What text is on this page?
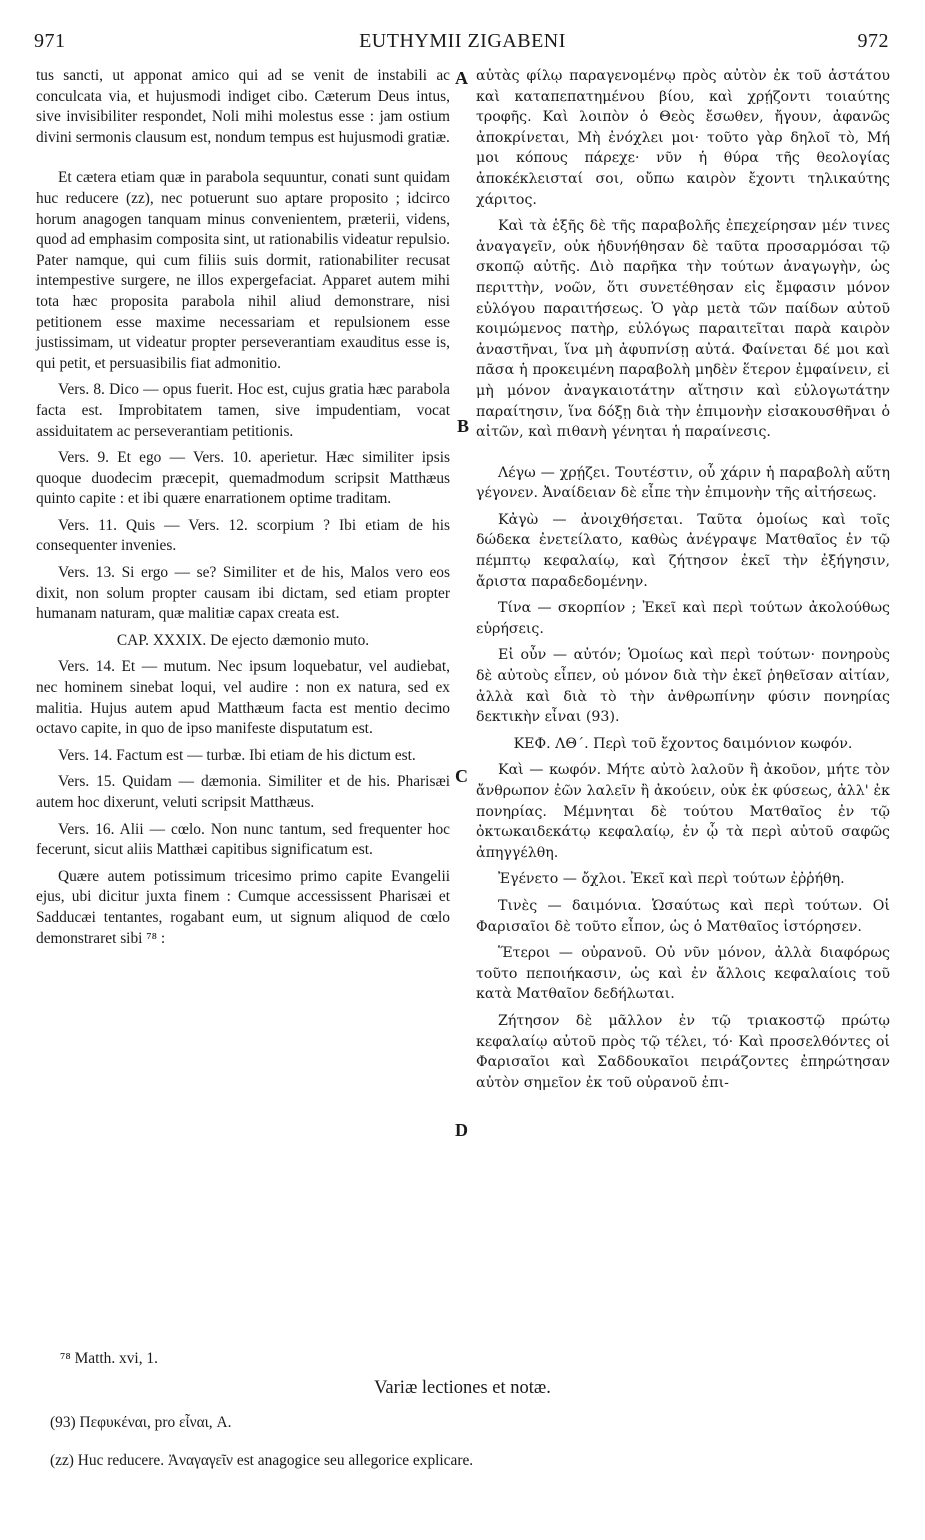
971	EUTHYMII ZIGABENI	972

tus sancti, ut apponat amico qui ad se venit de instabili ac conculcata via, et hujusmodi indiget cibo. Cæterum Deus intus, sive invisibiliter respondet, Noli mihi molestus esse : jam ostium divini sermonis clausum est, nondum tempus est hujusmodi gratiæ.

Et cætera etiam quæ in parabola sequuntur, conati sunt quidam huc reducere (zz), nec potuerunt suo aptare proposito ; idcirco horum anagogen tanquam minus convenientem, præterii, videns, quod ad emphasim composita sint, ut rationabilis videatur repulsio. Pater namque, qui cum filiis suis dormit, rationabiliter recusat intempestive surgere, ne illos expergefaciat. Apparet autem mihi tota hæc proposita parabola nihil aliud demonstrare, nisi petitionem esse maxime necessariam et repulsionem esse justissimam, ut videatur propter perseverantiam exauditus esse is, qui petit, et persuasibilis fiat admonitio.

Vers. 8. Dico — opus fuerit. Hoc est, cujus gratia hæc parabola facta est. Improbitatem tamen, sive impudentiam, vocat assiduitatem ac perseverantiam petitionis.

Vers. 9. Et ego — Vers. 10. aperietur. Hæc similiter ipsis quoque duodecim præcepit, quemadmodum scripsit Matthæus quinto capite : et ibi quære enarrationem optime traditam.

Vers. 11. Quis — Vers. 12. scorpium ? Ibi etiam de his consequenter invenies.

Vers. 13. Si ergo — se? Similiter et de his, Malos vero eos dixit, non solum propter causam ibi dictam, sed etiam propter humanam naturam, quæ malitiæ capax creata est.

CAP. XXXIX. De ejecto dæmonio muto.

Vers. 14. Et — mutum. Nec ipsum loquebatur, vel audiebat, nec hominem sinebat loqui, vel audire : non ex natura, sed ex malitia. Hujus autem apud Matthæum facta est mentio decimo octavo capite, in quo de ipso manifeste disputatum est.

Vers. 14. Factum est — turbæ. Ibi etiam de his dictum est.

Vers. 15. Quidam — dæmonia. Similiter et de his. Pharisæi autem hoc dixerunt, veluti scripsit Matthæus.

Vers. 16. Alii — cœlo. Non nunc tantum, sed frequenter hoc fecerunt, sicut aliis Matthæi capitibus significatum est.

Quære autem potissimum tricesimo primo capite Evangelii ejus, ubi dicitur juxta finem : Cumque accessissent Pharisæi et Sadducæi tentantes, rogabant eum, ut signum aliquod de cœlo demonstraret sibi ⁷⁸ :

αὐτὰς φίλῳ παραγενομένῳ πρὸς αὐτὸν ἐκ τοῦ ἀστάτου καὶ καταπεπατημένου βίου, καὶ χρῄζοντι τοιαύτης τροφῆς. Καὶ λοιπὸν ὁ Θεὸς ἔσωθεν, ἤγουν, ἀφανῶς ἀποκρίνεται, Μὴ ἐνόχλει μοι· τοῦτο γὰρ δηλοῖ τὸ, Μή μοι κόπους πάρεχε· νῦν ἡ θύρα τῆς θεολογίας ἀποκέκλεισταί σοι, οὔπω καιρὸν ἔχοντι τηλικαύτης χάριτος.

Καὶ τὰ ἑξῆς δὲ τῆς παραβολῆς ἐπεχείρησαν μέν τινες ἀναγαγεῖν, οὐκ ἠδυνήθησαν δὲ ταῦτα προσαρμόσαι τῷ σκοπῷ αὐτῆς. Διὸ παρῆκα τὴν τούτων ἀναγωγὴν, ὡς περιττὴν, νοῶν, ὅτι συνετέθησαν εἰς ἔμφασιν μόνον εὐλόγου παραιτήσεως. Ὁ γὰρ μετὰ τῶν παίδων αὐτοῦ κοιμώμενος πατὴρ, εὐλόγως παραιτεῖται παρὰ καιρὸν ἀναστῆναι, ἵνα μὴ ἀφυπνίσῃ αὐτά. Φαίνεται δέ μοι καὶ πᾶσα ἡ προκειμένη παραβολὴ μηδὲν ἕτερον ἐμφαίνειν, εἰ μὴ μόνον ἀναγκαιοτάτην αἴτησιν καὶ εὐλογωτάτην παραίτησιν, ἵνα δόξῃ διὰ τὴν ἐπιμονὴν εἰσακουσθῆναι ὁ αἰτῶν, καὶ πιθανὴ γένηται ἡ παραίνεσις.

Λέγω — χρῄζει. Τουτέστιν, οὗ χάριν ἡ παραβολὴ αὕτη γέγονεν. Ἀναίδειαν δὲ εἶπε τὴν ἐπιμονὴν τῆς αἰτήσεως.

Κἀγὼ — ἀνοιχθήσεται. Ταῦτα ὁμοίως καὶ τοῖς δώδεκα ἐνετείλατο, καθὼς ἀνέγραψε Ματθαῖος ἐν τῷ πέμπτῳ κεφαλαίῳ, καὶ ζήτησον ἐκεῖ τὴν ἐξήγησιν, ἄριστα παραδεδομένην.

Τίνα — σκορπίον ; Ἐκεῖ καὶ περὶ τούτων ἀκολούθως εὑρήσεις.

Εἰ οὖν — αὐτόν; Ὁμοίως καὶ περὶ τούτων· πονηροὺς δὲ αὐτοὺς εἶπεν, οὐ μόνον διὰ τὴν ἐκεῖ ῥηθεῖσαν αἰτίαν, ἀλλὰ καὶ διὰ τὸ τὴν ἀνθρωπίνην φύσιν πονηρίας δεκτικὴν εἶναι (93).

ΚΕΦ. ΛΘ΄. Περὶ τοῦ ἔχοντος δαιμόνιον κωφόν.

Καὶ — κωφόν. Μήτε αὐτὸ λαλοῦν ἢ ἀκοῦον, μήτε τὸν ἄνθρωπον ἐῶν λαλεῖν ἢ ἀκούειν, οὐκ ἐκ φύσεως, ἀλλ' ἐκ πονηρίας. Μέμνηται δὲ τούτου Ματθαῖος ἐν τῷ ὀκτωκαιδεκάτῳ κεφαλαίῳ, ἐν ᾧ τὰ περὶ αὐτοῦ σαφῶς ἀπηγγέλθη.

Ἐγένετο — ὄχλοι. Ἐκεῖ καὶ περὶ τούτων ἐῤῥήθη.

Τινὲς — δαιμόνια. Ὡσαύτως καὶ περὶ τούτων. Οἱ Φαρισαῖοι δὲ τοῦτο εἶπον, ὡς ὁ Ματθαῖος ἱστόρησεν.

Ἕτεροι — οὐρανοῦ. Οὐ νῦν μόνον, ἀλλὰ διαφόρως τοῦτο πεποιήκασιν, ὡς καὶ ἐν ἄλλοις κεφαλαίοις τοῦ κατὰ Ματθαῖον δεδήλωται.

Ζήτησον δὲ μᾶλλον ἐν τῷ τριακοστῷ πρώτῳ κεφαλαίῳ αὐτοῦ πρὸς τῷ τέλει, τό· Καὶ προσελθόντες οἱ Φαρισαῖοι καὶ Σαδδουκαῖοι πειράζοντες ἐπηρώτησαν αὐτὸν σημεῖον ἐκ τοῦ οὐρανοῦ ἐπι-

A
B
C
D
⁷⁸ Matth. xvi, 1.
Variæ lectiones et notæ.
(93) Πεφυκέναι, pro εἶναι, A.
(zz) Huc reducere. Ἀναγαγεῖν est anagogice seu allegorice explicare.
